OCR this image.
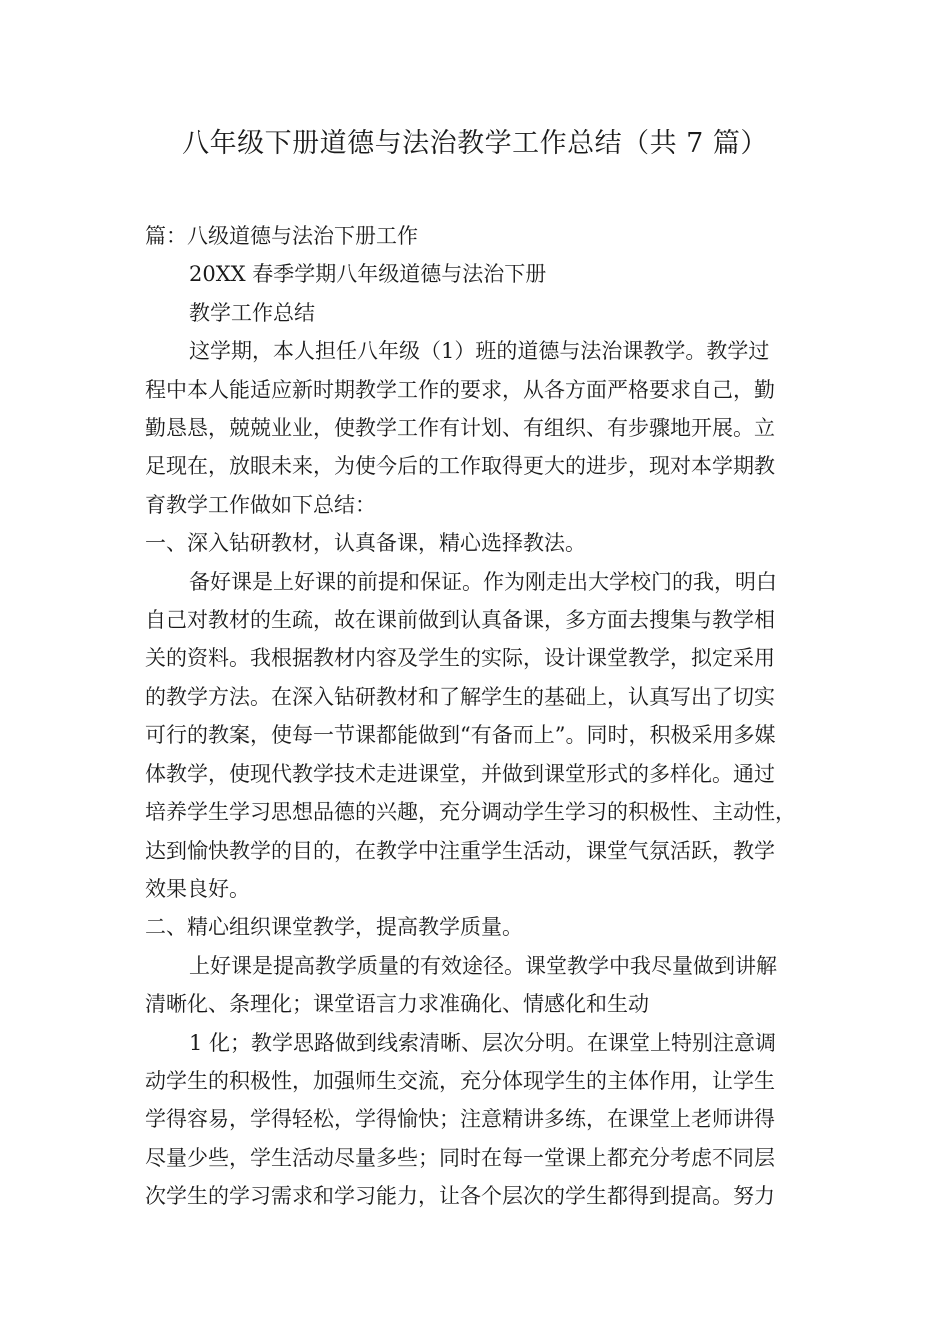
八年级下册道德与法治教学工作总结（共 7 篇）

篇：八级道德与法治下册工作

20XX 春季学期八年级道德与法治下册

教学工作总结

这学期，本人担任八年级（1）班的道德与法治课教学。教学过
程中本人能适应新时期教学工作的要求，从各方面严格要求自己，勤
勤恳恳，兢兢业业，使教学工作有计划、有组织、有步骤地开展。立
足现在，放眼未来，为使今后的工作取得更大的进步，现对本学期教
育教学工作做如下总结：

一、深入钻研教材，认真备课，精心选择教法。

备好课是上好课的前提和保证。作为刚走出大学校门的我，明白
自己对教材的生疏，故在课前做到认真备课，多方面去搜集与教学相
关的资料。我根据教材内容及学生的实际，设计课堂教学，拟定采用
的教学方法。在深入钻研教材和了解学生的基础上，认真写出了切实
可行的教案，使每一节课都能做到“有备而上”。同时，积极采用多媒
体教学，使现代教学技术走进课堂，并做到课堂形式的多样化。通过
培养学生学习思想品德的兴趣，充分调动学生学习的积极性、主动性，
达到愉快教学的目的，在教学中注重学生活动，课堂气氛活跃，教学
效果良好。

二、精心组织课堂教学，提高教学质量。

上好课是提高教学质量的有效途径。课堂教学中我尽量做到讲解
清晰化、条理化；课堂语言力求准确化、情感化和生动

1 化；教学思路做到线索清晰、层次分明。在课堂上特别注意调
动学生的积极性，加强师生交流，充分体现学生的主体作用，让学生
学得容易，学得轻松，学得愉快；注意精讲多练，在课堂上老师讲得
尽量少些，学生活动尽量多些；同时在每一堂课上都充分考虑不同层
次学生的学习需求和学习能力，让各个层次的学生都得到提高。努力
